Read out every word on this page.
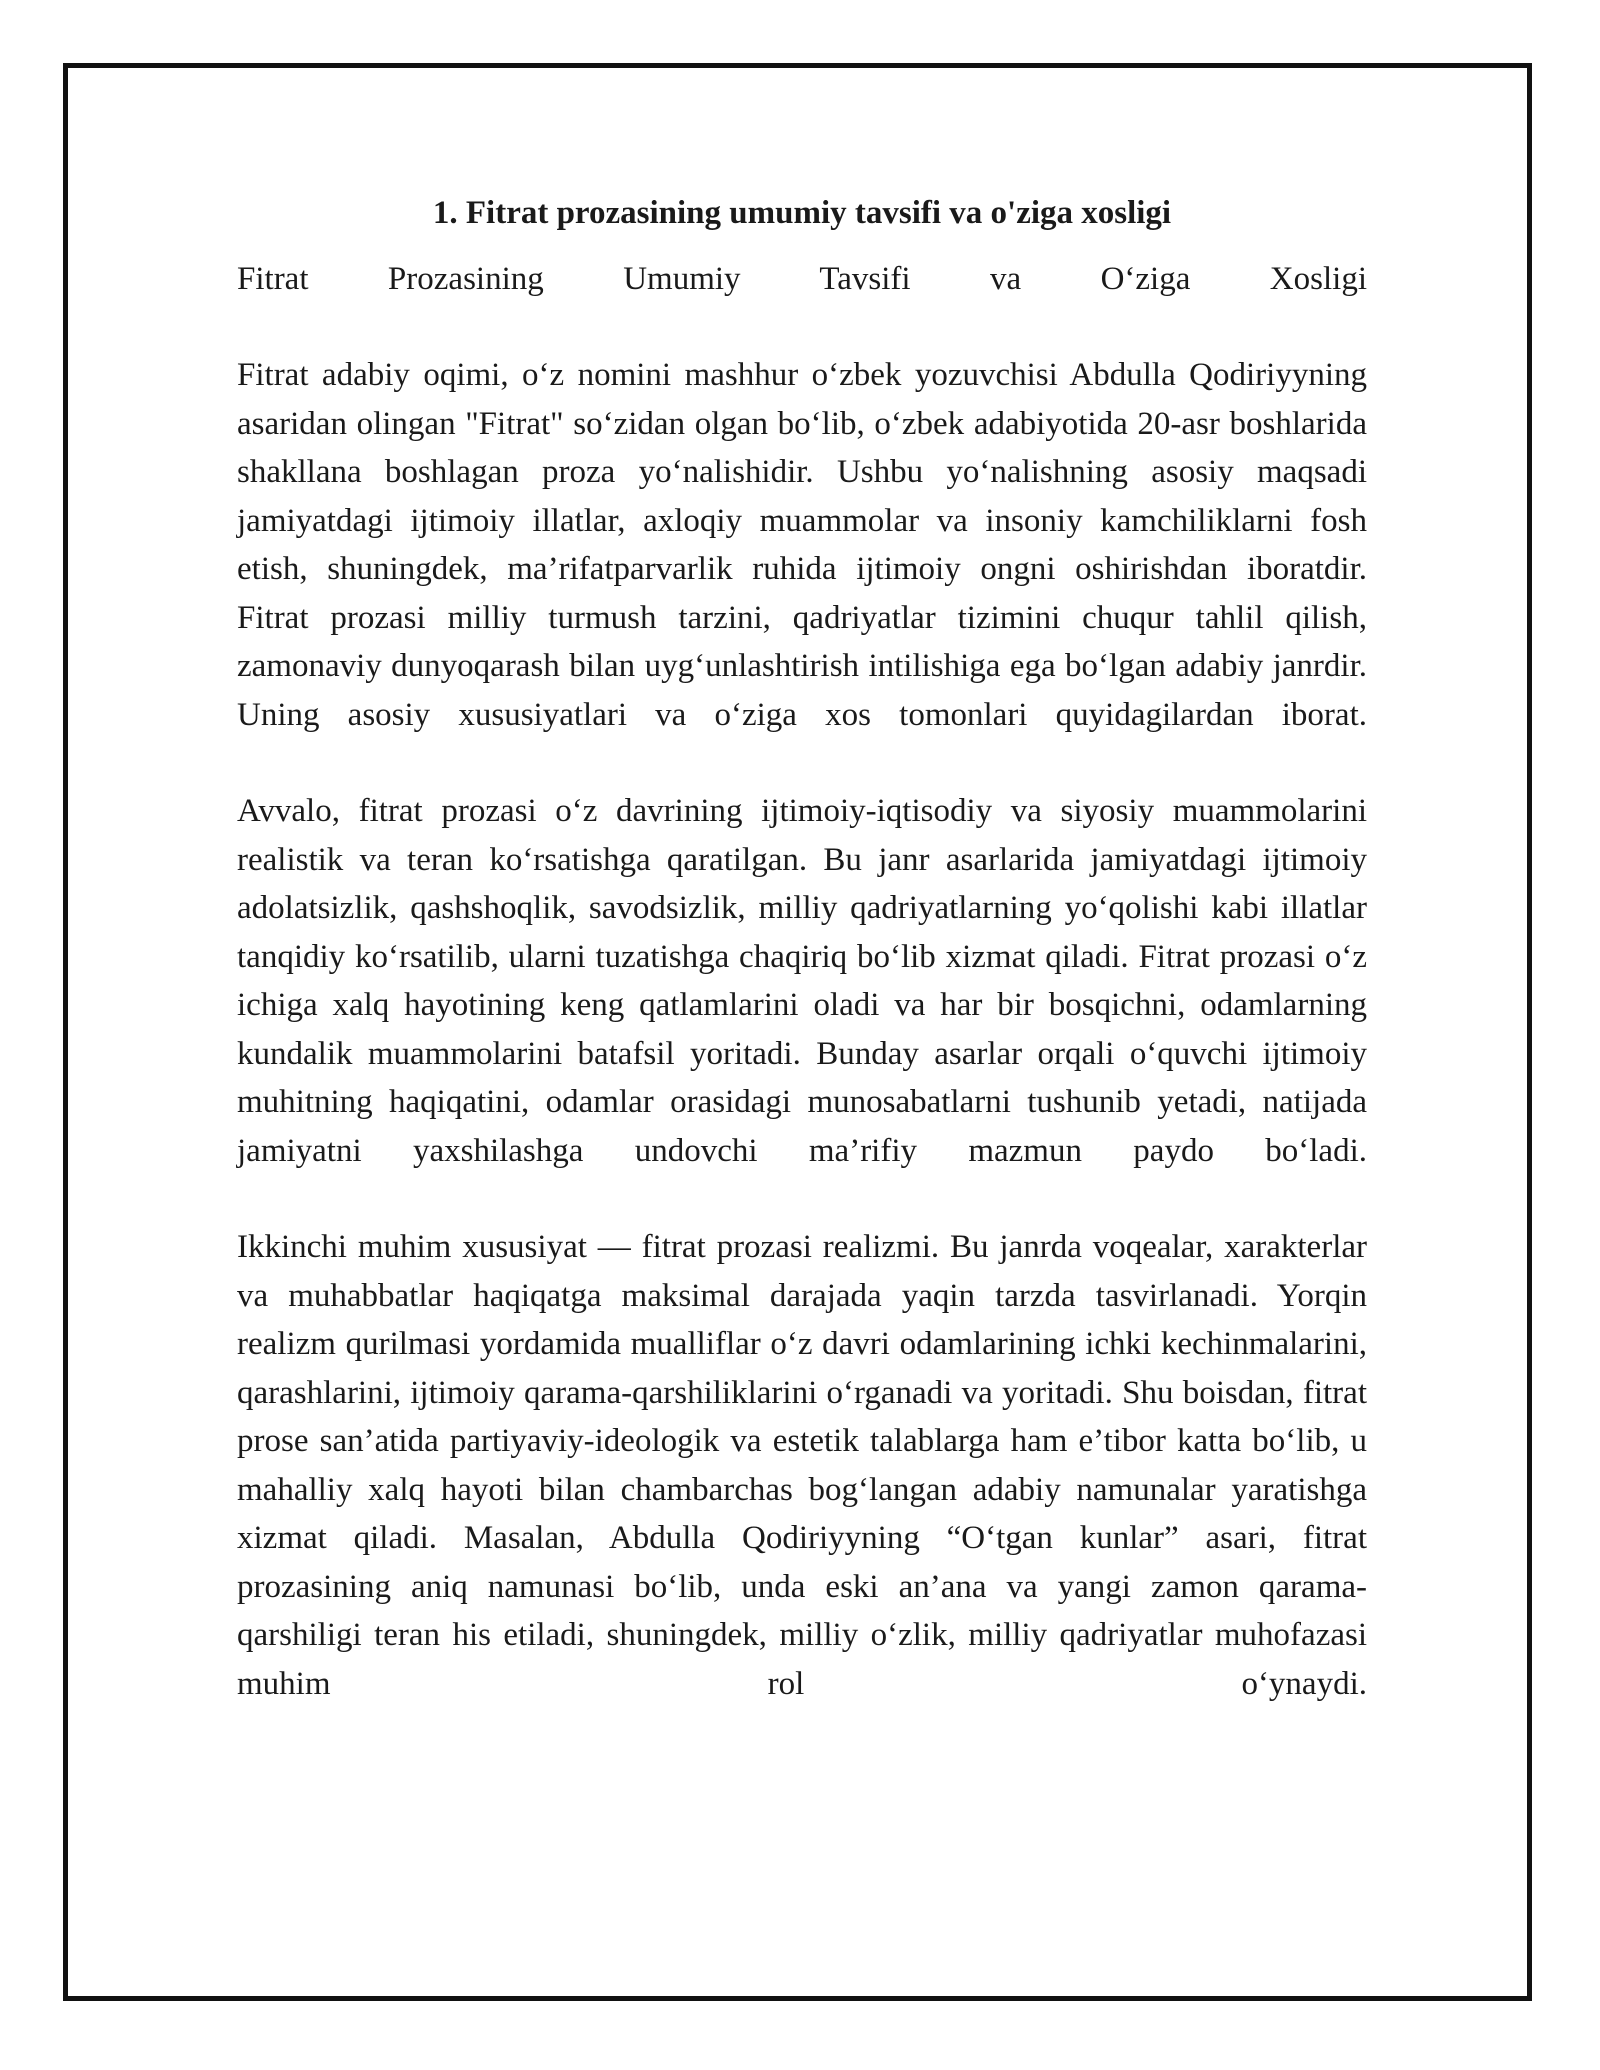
1. Fitrat prozasining umumiy tavsifi va o'ziga xosligi
Fitrat Prozasining Umumiy Tavsifi va O‘ziga Xosligi

Fitrat adabiy oqimi, o‘z nomini mashhur o‘zbek yozuvchisi Abdulla Qodiriyyning asaridan olingan "Fitrat" so‘zidan olgan bo‘lib, o‘zbek adabiyotida 20-asr boshlarida shakllana boshlagan proza yo‘nalishidir. Ushbu yo‘nalishning asosiy maqsadi jamiyatdagi ijtimoiy illatlar, axloqiy muammolar va insoniy kamchiliklarni fosh etish, shuningdek, ma’rifatparvarlik ruhida ijtimoiy ongni oshirishdan iboratdir. Fitrat prozasi milliy turmush tarzini, qadriyatlar tizimini chuqur tahlil qilish, zamonaviy dunyoqarash bilan uyg‘unlashtirish intilishiga ega bo‘lgan adabiy janrdir. Uning asosiy xususiyatlari va o‘ziga xos tomonlari quyidagilardan iborat.

Avvalo, fitrat prozasi o‘z davrining ijtimoiy-iqtisodiy va siyosiy muammolarini realistik va teran ko‘rsatishga qaratilgan. Bu janr asarlarida jamiyatdagi ijtimoiy adolatsizlik, qashshoqlik, savodsizlik, milliy qadriyatlarning yo‘qolishi kabi illatlar tanqidiy ko‘rsatilib, ularni tuzatishga chaqiriq bo‘lib xizmat qiladi. Fitrat prozasi o‘z ichiga xalq hayotining keng qatlamlarini oladi va har bir bosqichni, odamlarning kundalik muammolarini batafsil yoritadi. Bunday asarlar orqali o‘quvchi ijtimoiy muhitning haqiqatini, odamlar orasidagi munosabatlarni tushunib yetadi, natijada jamiyatni yaxshilashga undovchi ma’rifiy mazmun paydo bo‘ladi.

Ikkinchi muhim xususiyat — fitrat prozasi realizmi. Bu janrda voqealar, xarakterlar va muhabbatlar haqiqatga maksimal darajada yaqin tarzda tasvirlanadi. Yorqin realizm qurilmasi yordamida mualliflar o‘z davri odamlarining ichki kechinmalarini, qarashlarini, ijtimoiy qarama-qarshiliklarini o‘rganadi va yoritadi. Shu boisdan, fitrat prose san’atida partiyaviy-ideologik va estetik talablarga ham e’tibor katta bo‘lib, u mahalliy xalq hayoti bilan chambarchas bog‘langan adabiy namunalar yaratishga xizmat qiladi. Masalan, Abdulla Qodiriyyning “O‘tgan kunlar” asari, fitrat prozasining aniq namunasi bo‘lib, unda eski an’ana va yangi zamon qarama-qarshiligi teran his etiladi, shuningdek, milliy o‘zlik, milliy qadriyatlar muhofazasi muhim rol o‘ynaydi.
